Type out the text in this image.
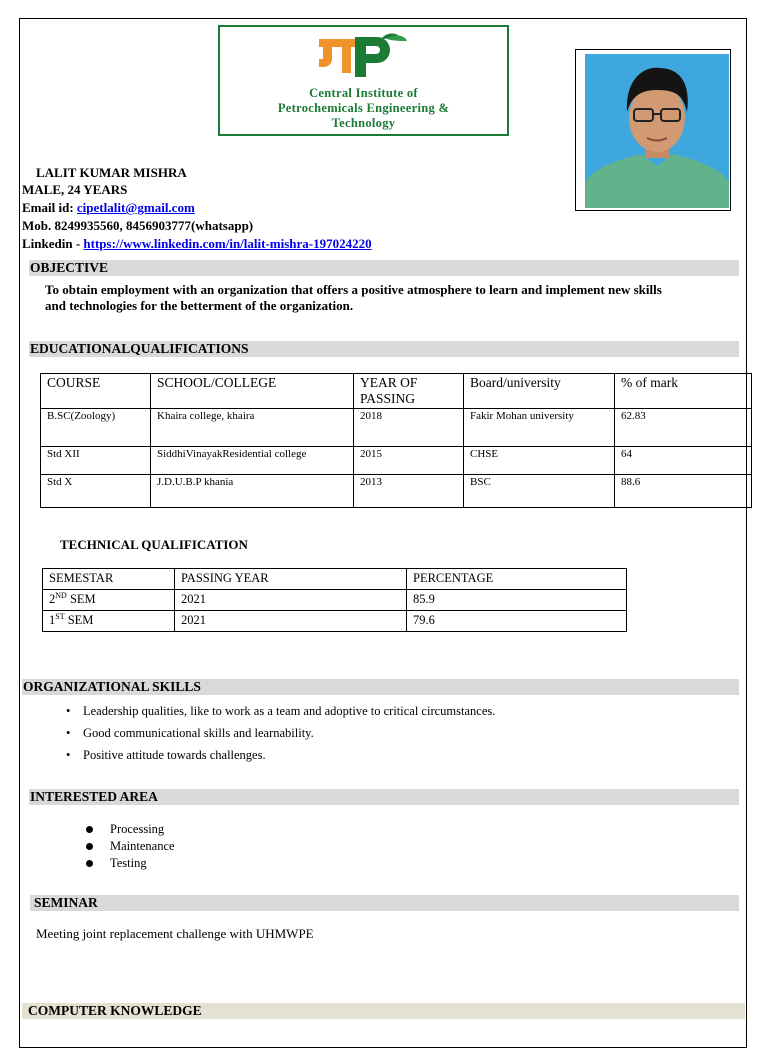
Central Institute of
Petrochemicals Engineering &
Technology
LALIT KUMAR MISHRA
MALE, 24 YEARS
Email id: cipetlalit@gmail.com
Mob. 8249935560, 8456903777(whatsapp)
Linkedin - https://www.linkedin.com/in/lalit-mishra-197024220
OBJECTIVE
To obtain employment with an organization that offers a positive atmosphere to learn and implement new skills and technologies for the betterment of the organization.
EDUCATIONALQUALIFICATIONS
COURSE	SCHOOL/COLLEGE	YEAR OF PASSING	Board/university	% of mark
B.SC(Zoology)	Khaira college, khaira	2018	Fakir Mohan university	62.83
Std XII	SiddhiVinayakResidential college	2015	CHSE	64
Std X	J.D.U.B.P khania	2013	BSC	88.6
TECHNICAL QUALIFICATION
SEMESTAR	PASSING YEAR	PERCENTAGE
2ND SEM	2021	85.9
1ST SEM	2021	79.6
ORGANIZATIONAL SKILLS
• Leadership qualities, like to work as a team and adoptive to critical circumstances.
• Good communicational skills and learnability.
• Positive attitude towards challenges.
INTERESTED AREA
Processing
Maintenance
Testing
SEMINAR
Meeting joint replacement challenge with UHMWPE
COMPUTER KNOWLEDGE
